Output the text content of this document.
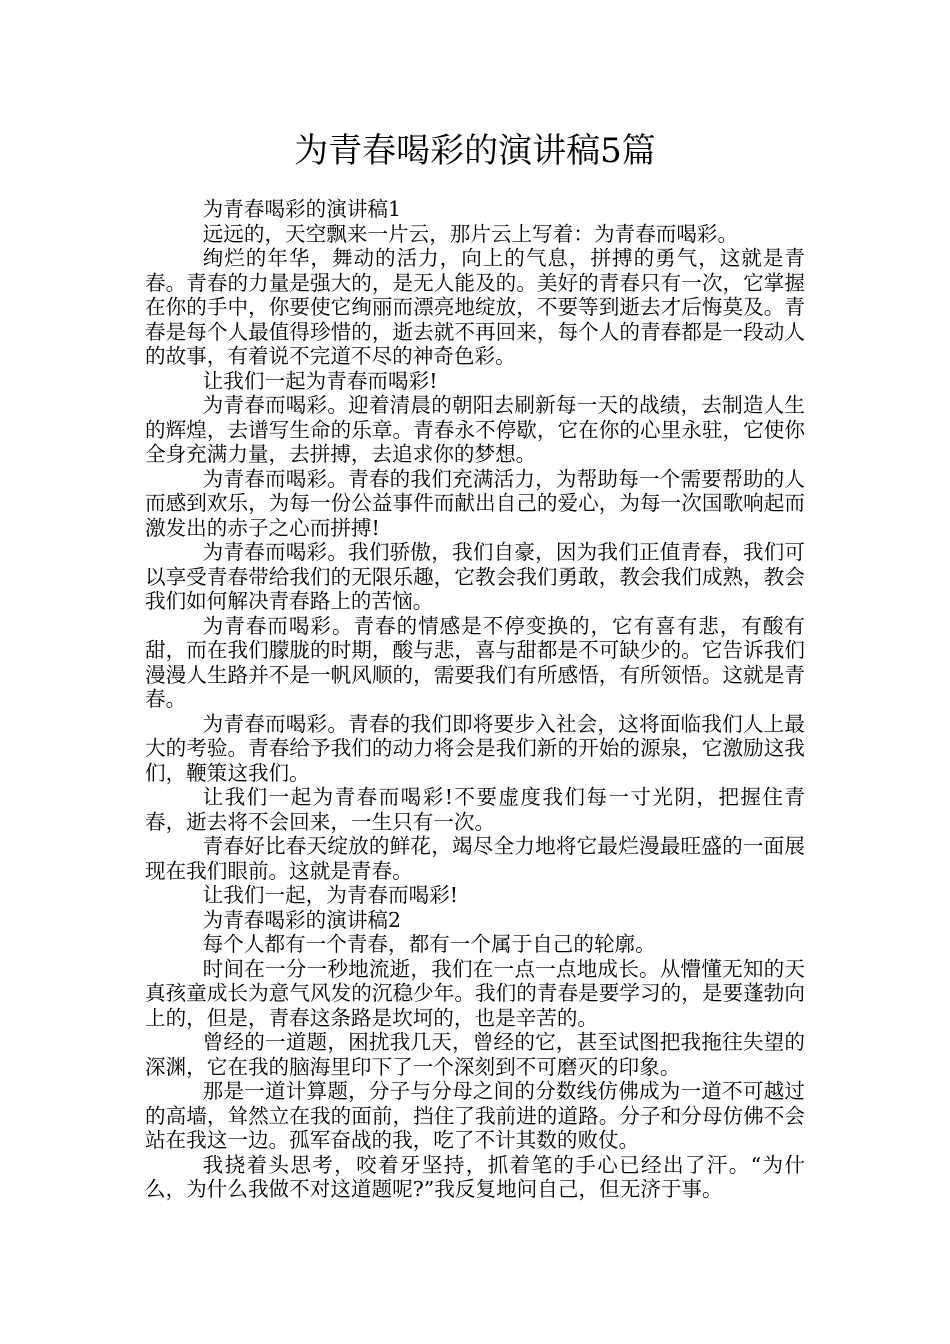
为青春喝彩的演讲稿5篇

为青春喝彩的演讲稿1

远远的，天空飘来一片云，那片云上写着：为青春而喝彩。

绚烂的年华，舞动的活力，向上的气息，拼搏的勇气，这就是青春。青春的力量是强大的，是无人能及的。美好的青春只有一次，它掌握在你的手中，你要使它绚丽而漂亮地绽放，不要等到逝去才后悔莫及。青春是每个人最值得珍惜的，逝去就不再回来，每个人的青春都是一段动人的故事，有着说不完道不尽的神奇色彩。

让我们一起为青春而喝彩!

为青春而喝彩。迎着清晨的朝阳去刷新每一天的战绩，去制造人生的辉煌，去谱写生命的乐章。青春永不停歇，它在你的心里永驻，它使你全身充满力量，去拼搏，去追求你的梦想。

为青春而喝彩。青春的我们充满活力，为帮助每一个需要帮助的人而感到欢乐，为每一份公益事件而献出自己的爱心，为每一次国歌响起而激发出的赤子之心而拼搏!

为青春而喝彩。我们骄傲，我们自豪，因为我们正值青春，我们可以享受青春带给我们的无限乐趣，它教会我们勇敢，教会我们成熟，教会我们如何解决青春路上的苦恼。

为青春而喝彩。青春的情感是不停变换的，它有喜有悲，有酸有甜，而在我们朦胧的时期，酸与悲，喜与甜都是不可缺少的。它告诉我们漫漫人生路并不是一帆风顺的，需要我们有所感悟，有所领悟。这就是青春。

为青春而喝彩。青春的我们即将要步入社会，这将面临我们人上最大的考验。青春给予我们的动力将会是我们新的开始的源泉，它激励这我们，鞭策这我们。

让我们一起为青春而喝彩!不要虚度我们每一寸光阴，把握住青春，逝去将不会回来，一生只有一次。

青春好比春天绽放的鲜花，竭尽全力地将它最烂漫最旺盛的一面展现在我们眼前。这就是青春。

让我们一起，为青春而喝彩!

为青春喝彩的演讲稿2

每个人都有一个青春，都有一个属于自己的轮廓。

时间在一分一秒地流逝，我们在一点一点地成长。从懵懂无知的天真孩童成长为意气风发的沉稳少年。我们的青春是要学习的，是要蓬勃向上的，但是，青春这条路是坎坷的，也是辛苦的。

曾经的一道题，困扰我几天，曾经的它，甚至试图把我拖往失望的深渊，它在我的脑海里印下了一个深刻到不可磨灭的印象。

那是一道计算题，分子与分母之间的分数线仿佛成为一道不可越过的高墙，耸然立在我的面前，挡住了我前进的道路。分子和分母仿佛不会站在我这一边。孤军奋战的我，吃了不计其数的败仗。

我挠着头思考，咬着牙坚持，抓着笔的手心已经出了汗。“为什么，为什么我做不对这道题呢?”我反复地问自己，但无济于事。
